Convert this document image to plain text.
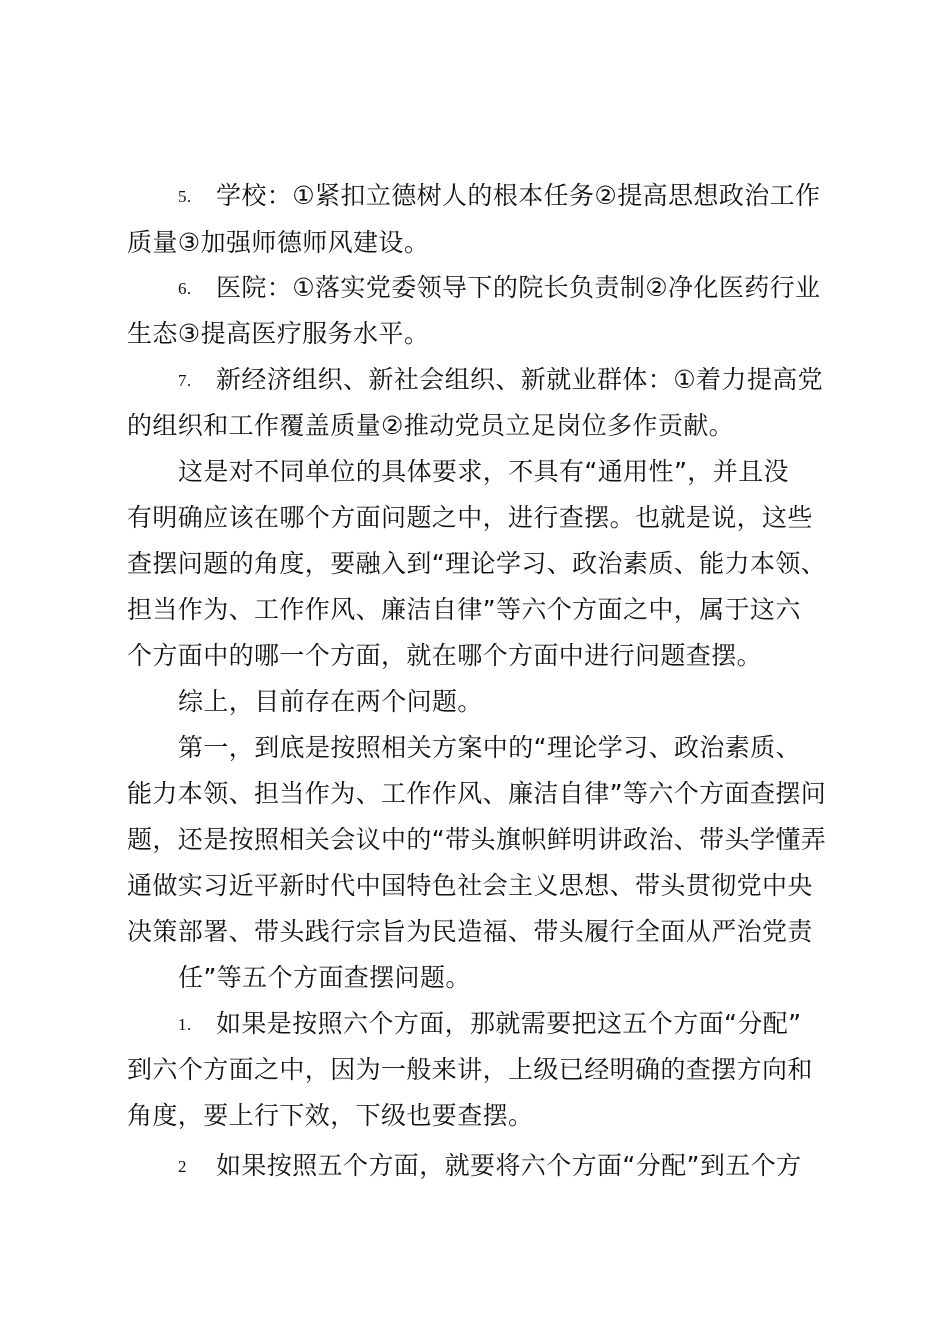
5. 学校：①紧扣立德树人的根本任务②提高思想政治工作
质量③加强师德师风建设。
6. 医院：①落实党委领导下的院长负责制②净化医药行业
生态③提高医疗服务水平。
7. 新经济组织、新社会组织、新就业群体：①着力提高党
的组织和工作覆盖质量②推动党员立足岗位多作贡献。
这是对不同单位的具体要求，不具有“通用性”，并且没
有明确应该在哪个方面问题之中，进行查摆。也就是说，这些
查摆问题的角度，要融入到“理论学习、政治素质、能力本领、
担当作为、工作作风、廉洁自律”等六个方面之中，属于这六
个方面中的哪一个方面，就在哪个方面中进行问题查摆。
综上，目前存在两个问题。
第一，到底是按照相关方案中的“理论学习、政治素质、
能力本领、担当作为、工作作风、廉洁自律”等六个方面查摆问
题，还是按照相关会议中的“带头旗帜鲜明讲政治、带头学懂弄
通做实习近平新时代中国特色社会主义思想、带头贯彻党中央
决策部署、带头践行宗旨为民造福、带头履行全面从严治党责
任”等五个方面查摆问题。
1. 如果是按照六个方面，那就需要把这五个方面“分配”
到六个方面之中，因为一般来讲，上级已经明确的查摆方向和
角度，要上行下效，下级也要查摆。
2 如果按照五个方面，就要将六个方面“分配”到五个方
